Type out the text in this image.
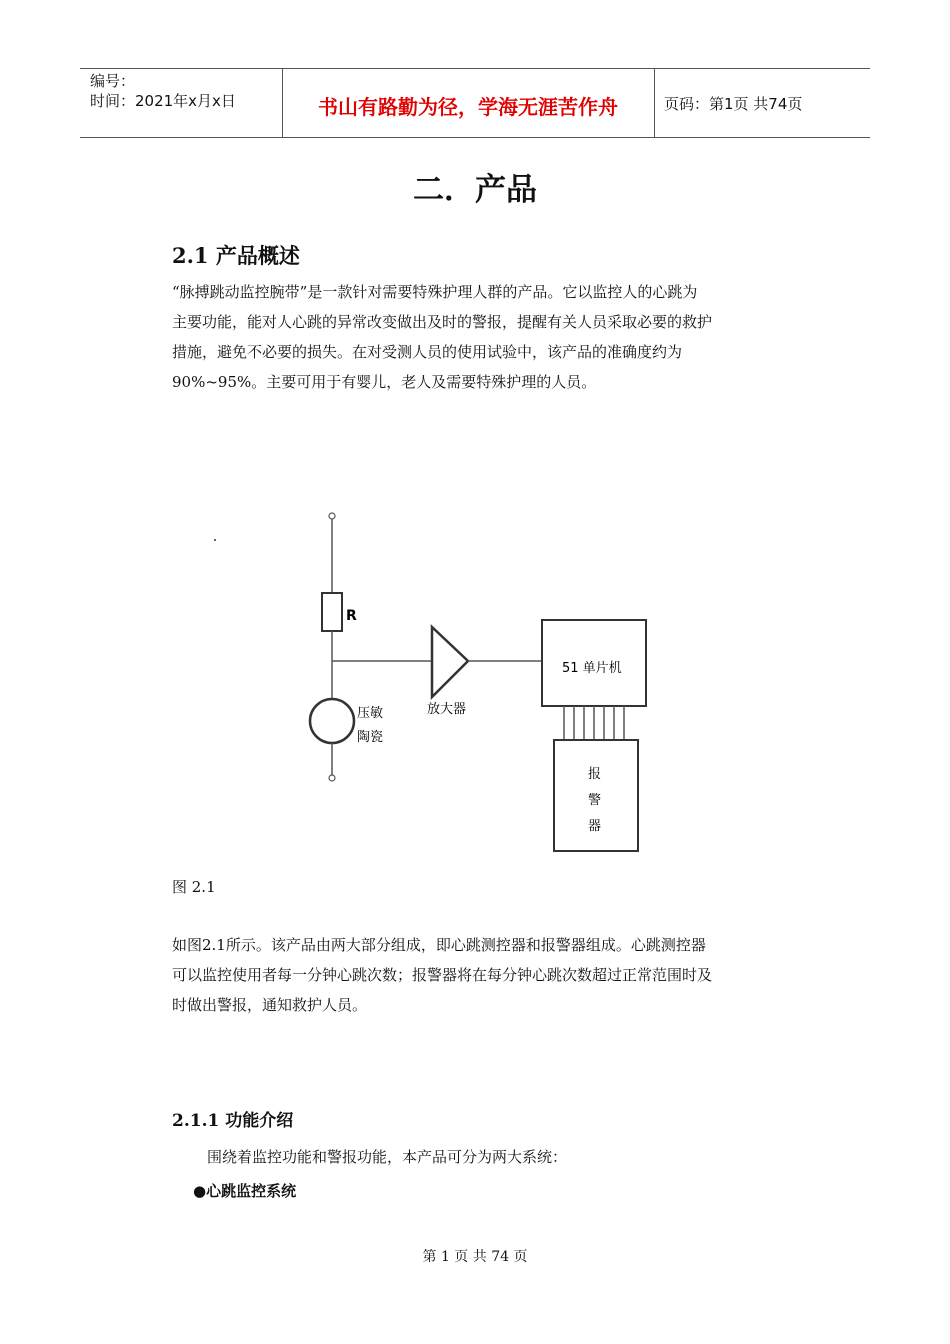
编号：
时间：2021年x月x日	书山有路勤为径，学海无涯苦作舟	页码：第1页 共74页
二．产品
2.1 产品概述
“脉搏跳动监控腕带”是一款针对需要特殊护理人群的产品。它以监控人的心跳为
主要功能，能对人心跳的异常改变做出及时的警报，提醒有关人员采取必要的救护
措施，避免不必要的损失。在对受测人员的使用试验中，该产品的准确度约为
90%~95%。主要可用于有婴儿，老人及需要特殊护理的人员。
R
压敏
陶瓷
放大器
51 单片机
报
警
器
图 2.1
如图2.1所示。该产品由两大部分组成，即心跳测控器和报警器组成。心跳测控器
可以监控使用者每一分钟心跳次数；报警器将在每分钟心跳次数超过正常范围时及
时做出警报，通知救护人员。
2.1.1 功能介绍
围绕着监控功能和警报功能，本产品可分为两大系统：
●心跳监控系统
第 1 页 共 74 页
